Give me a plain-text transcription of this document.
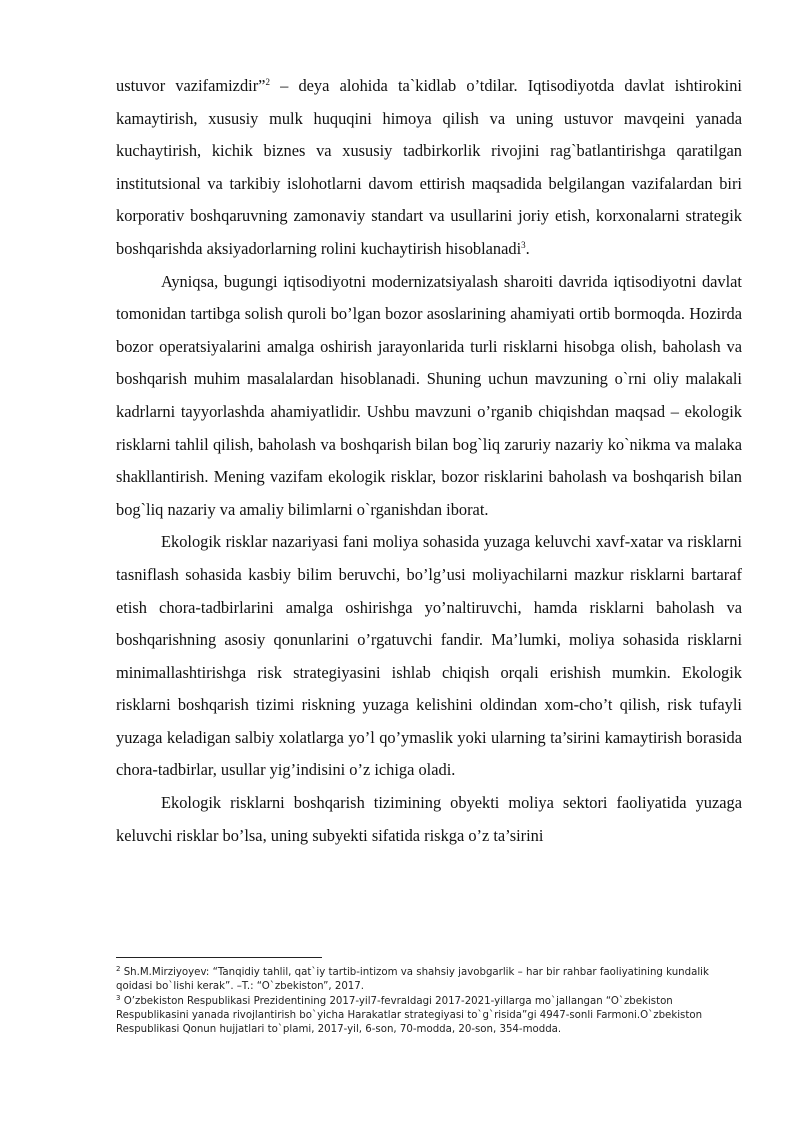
ustuvor vazifamizdir”$^2$ – deya alohida ta`kidlab o’tdilar. Iqtisodiyotda davlat ishtirokini kamaytirish, xususiy mulk huquqini himoya qilish va uning ustuvor mavqeini yanada kuchaytirish, kichik biznes va xususiy tadbirkorlik rivojini rag`batlantirishga qaratilgan institutsional va tarkibiy islohotlarni davom ettirish maqsadida belgilangan vazifalardan biri korporativ boshqaruvning zamonaviy standart va usullarini joriy etish, korxonalarni strategik boshqarishda aksiyadorlarning rolini kuchaytirish hisoblanadi$^3$.

Ayniqsa, bugungi iqtisodiyotni modernizatsiyalash sharoiti davrida iqtisodiyotni davlat tomonidan tartibga solish quroli bo’lgan bozor asoslarining ahamiyati ortib bormoqda. Hozirda bozor operatsiyalarini amalga oshirish jarayonlarida turli risklarni hisobga olish, baholash va boshqarish muhim masalalardan hisoblanadi. Shuning uchun mavzuning o`rni oliy malakali kadrlarni tayyorlashda ahamiyatlidir. Ushbu mavzuni o’rganib chiqishdan maqsad – ekologik risklarni tahlil qilish, baholash va boshqarish bilan bog`liq zaruriy nazariy ko`nikma va malaka shakllantirish. Mening vazifam ekologik risklar, bozor risklarini baholash va boshqarish bilan bog`liq nazariy va amaliy bilimlarni o`rganishdan iborat.

Ekologik risklar nazariyasi fani moliya sohasida yuzaga keluvchi xavf-xatar va risklarni tasniflash sohasida kasbiy bilim beruvchi, bo’lg’usi moliyachilarni mazkur risklarni bartaraf etish chora-tadbirlarini amalga oshirishga yo’naltiruvchi, hamda risklarni baholash va boshqarishning asosiy qonunlarini o’rgatuvchi fandir. Ma’lumki, moliya sohasida risklarni minimallashtirishga risk strategiyasini ishlab chiqish orqali erishish mumkin. Ekologik risklarni boshqarish tizimi riskning yuzaga kelishini oldindan xom-cho’t qilish, risk tufayli yuzaga keladigan salbiy xolatlarga yo’l qo’ymaslik yoki ularning ta’sirini kamaytirish borasida chora-tadbirlar, usullar yig’indisini o’z ichiga oladi.

Ekologik risklarni boshqarish tizimining obyekti moliya sektori faoliyatida yuzaga keluvchi risklar bo’lsa, uning subyekti sifatida riskga o’z ta’sirini

$^2$ Sh.M.Mirziyoyev: “Tanqidiy tahlil, qat`iy tartib-intizom va shahsiy javobgarlik – har bir rahbar faoliyatining kundalik qoidasi bo`lishi kerak”. –T.: “O`zbekiston”, 2017.

$^3$ O’zbekiston Respublikasi Prezidentining 2017-yil7-fevraldagi 2017-2021-yillarga mo`jallangan “O`zbekiston Respublikasini yanada rivojlantirish bo`yicha Harakatlar strategiyasi to`g`risida”gi 4947-sonli Farmoni.O`zbekiston Respublikasi Qonun hujjatlari to`plami, 2017-yil, 6-son, 70-modda, 20-son, 354-modda.
